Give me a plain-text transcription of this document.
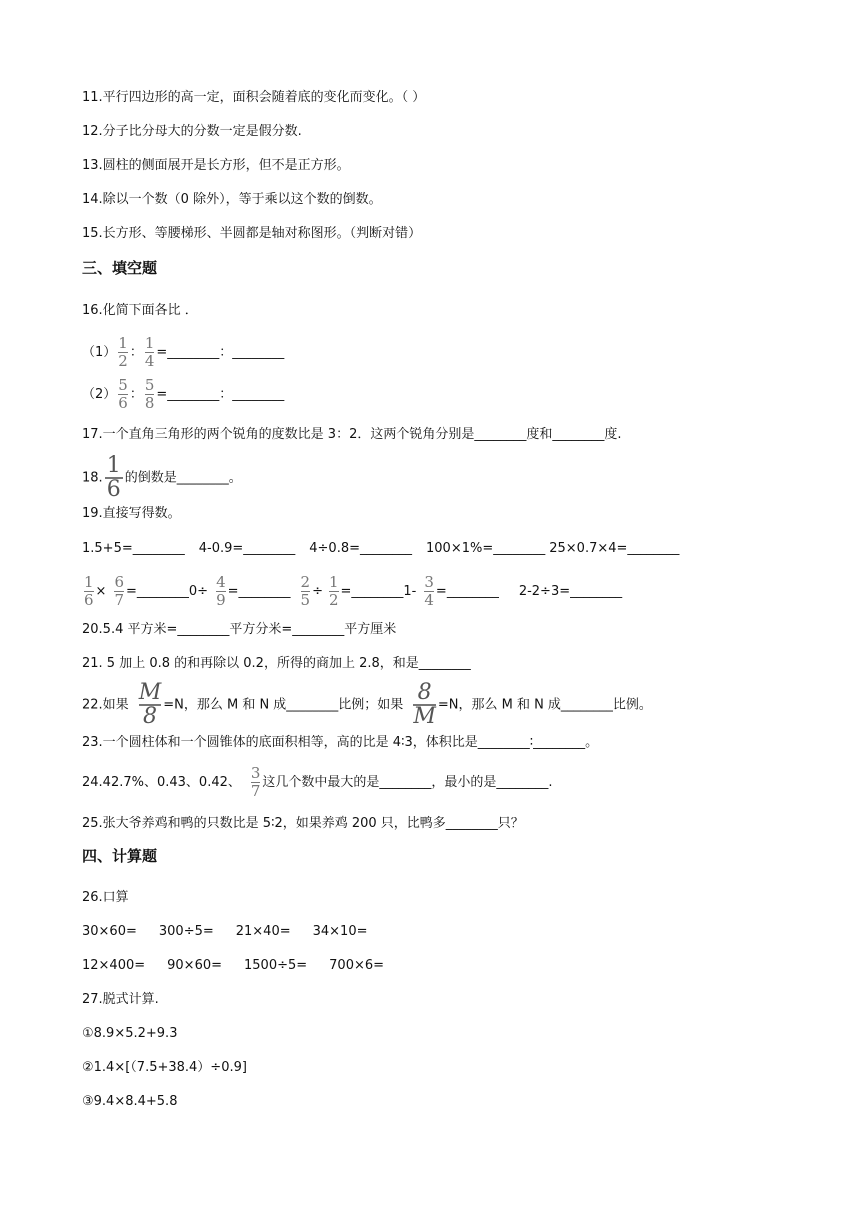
11.平行四边形的高一定，面积会随着底的变化而变化。（ ）
12.分子比分母大的分数一定是假分数.
13.圆柱的侧面展开是长方形，但不是正方形。
14.除以一个数（0 除外），等于乘以这个数的倒数。
15.长方形、等腰梯形、半圆都是轴对称图形。（判断对错）
三、填空题
16.化简下面各比 ．
$(1) \frac{1}{2}$ ： $\frac{1}{4}$ =________：________
$(2) \frac{5}{6}$ ： $\frac{5}{8}$ =________：________
17.一个直角三角形的两个锐角的度数比是 3：2．这两个锐角分别是________度和________度.
18. $\frac{1}{6}$ 的倒数是________。
19.直接写得数。
1.5+5=________ 4-0.9=________ 4÷0.8=________ 100×1%=________ 25×0.7×4=________
$\frac{1}{6} \times \frac{6}{7}$ =________0÷ $\frac{4}{9}$ =________ $\frac{2}{5} \div \frac{1}{2}$ =________1- $\frac{3}{4}$ =________ 2-2÷3=________
20.5.4 平方米=________平方分米=________平方厘米
21. 5 加上 0.8 的和再除以 0.2，所得的商加上 2.8，和是________
22.如果 $\frac{M}{8} =N$，那么 M 和 N 成________比例；如果 $\frac{8}{M} =N$，那么 M 和 N 成________比例。
23.一个圆柱体和一个圆锥体的底面积相等，高的比是 4∶3，体积比是________∶________。
24.42.7%、0.43、0.42、 $\frac{3}{7}$ 这几个数中最大的是________，最小的是________.
25.张大爷养鸡和鸭的只数比是 5∶2，如果养鸡 200 只，比鸭多________只？
四、计算题
26.口算
30×60= 300÷5= 21×40= 34×10=
12×400= 90×60= 1500÷5= 700×6=
27.脱式计算.
①8.9×5.2+9.3
②1.4×[（7.5+38.4）÷0.9]
③9.4×8.4+5.8
